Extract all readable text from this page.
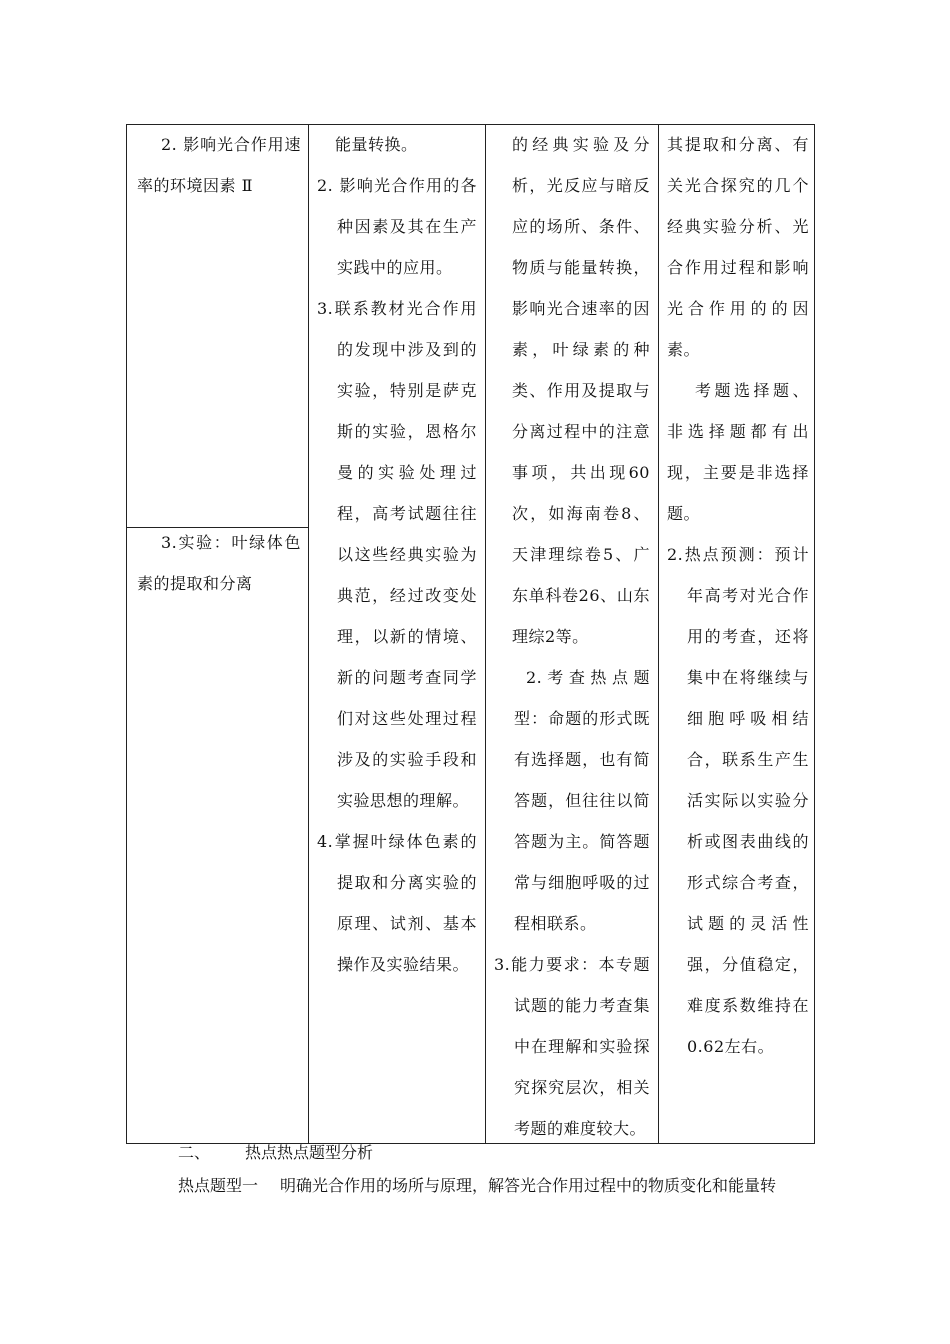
2. 影响光合作用速率的环境因素 Ⅱ

3.实验：叶绿体色素的提取和分离

能量转换。

2. 影响光合作用的各种因素及其在生产实践中的应用。

3.联系教材光合作用的发现中涉及到的实验，特别是萨克斯的实验，恩格尔曼的实验处理过程，高考试题往往以这些经典实验为典范，经过改变处理，以新的情境、新的问题考查同学们对这些处理过程涉及的实验手段和实验思想的理解。

4.掌握叶绿体色素的提取和分离实验的原理、试剂、基本操作及实验结果。

的经典实验及分析，光反应与暗反应的场所、条件、物质与能量转换，影响光合速率的因素，叶绿素的种类、作用及提取与分离过程中的注意事项，共出现60次，如海南卷8、天津理综卷5、广东单科卷26、山东理综2等。

2.考查热点题型：命题的形式既有选择题，也有简答题，但往往以简答题为主。简答题常与细胞呼吸的过程相联系。

3.能力要求：本专题试题的能力考查集中在理解和实验探究探究层次，相关考题的难度较大。

其提取和分离、有关光合探究的几个经典实验分析、光合作用过程和影响光合作用的的因素。

考题选择题、非选择题都有出现，主要是非选择题。

2.热点预测：预计年高考对光合作用的考查，还将集中在将继续与细胞呼吸相结合，联系生产生活实际以实验分析或图表曲线的形式综合考查，试题的灵活性强，分值稳定，难度系数维持在0.62左右。

二、 热点热点题型分析
热点题型一 明确光合作用的场所与原理，解答光合作用过程中的物质变化和能量转
